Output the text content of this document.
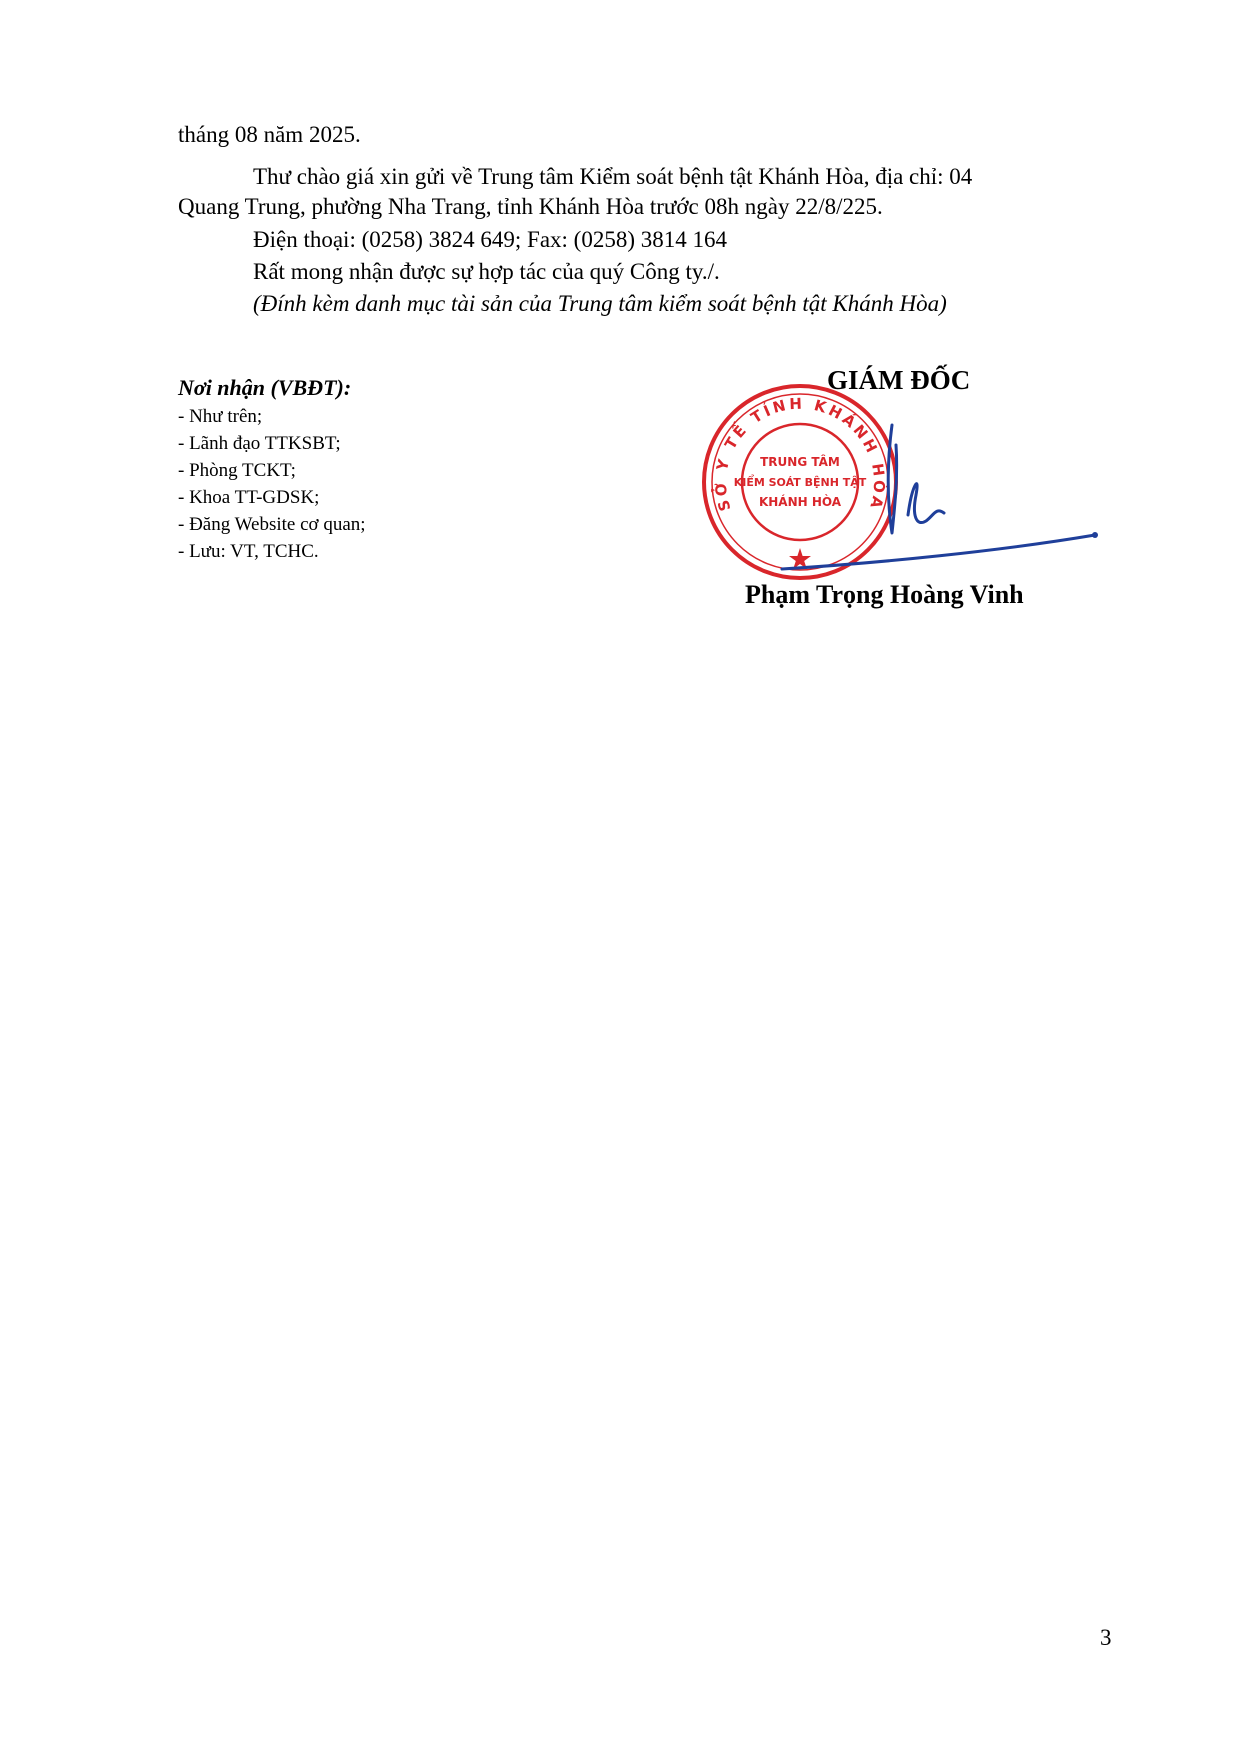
tháng 08 năm 2025.
Thư chào giá xin gửi về Trung tâm Kiểm soát bệnh tật Khánh Hòa, địa chỉ: 04
Quang Trung, phường Nha Trang, tỉnh Khánh Hòa trước 08h ngày 22/8/225.
Điện thoại: (0258) 3824 649; Fax: (0258) 3814 164
Rất mong nhận được sự hợp tác của quý Công ty./.
(Đính kèm danh mục tài sản của Trung tâm kiểm soát bệnh tật Khánh Hòa)
Nơi nhận (VBĐT):
- Như trên;
- Lãnh đạo TTKSBT;
- Phòng TCKT;
- Khoa TT-GDSK;
- Đăng Website cơ quan;
- Lưu: VT, TCHC.
SỞ Y TẾ TỈNH KHÁNH HÒA
TRUNG TÂM
KIỂM SOÁT BỆNH TẬT
KHÁNH HÒA
GIÁM ĐỐC
Phạm Trọng Hoàng Vinh
3
